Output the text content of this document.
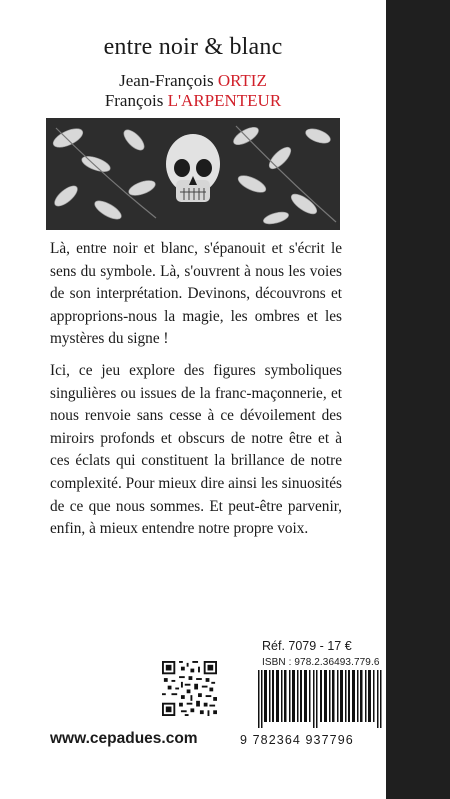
entre noir & blanc
Jean-François ORTIZ
François L'ARPENTEUR

Là, entre noir et blanc, s'épanouit et s'écrit le sens du symbole. Là, s'ouvrent à nous les voies de son interprétation. Devinons, découvrons et approprions-nous la magie, les ombres et les mystères du signe !

Ici, ce jeu explore des figures symboliques singulières ou issues de la franc-maçonnerie, et nous renvoie sans cesse à ce dévoilement des miroirs profonds et obscurs de notre être et à ces éclats qui constituent la brillance de notre complexité. Pour mieux dire ainsi les sinuosités de ce que nous sommes. Et peut-être parvenir, enfin, à mieux entendre notre propre voix.

Réf. 7079 - 17 €
ISBN : 978.2.36493.779.6
9 782364 937796
www.cepadues.com
